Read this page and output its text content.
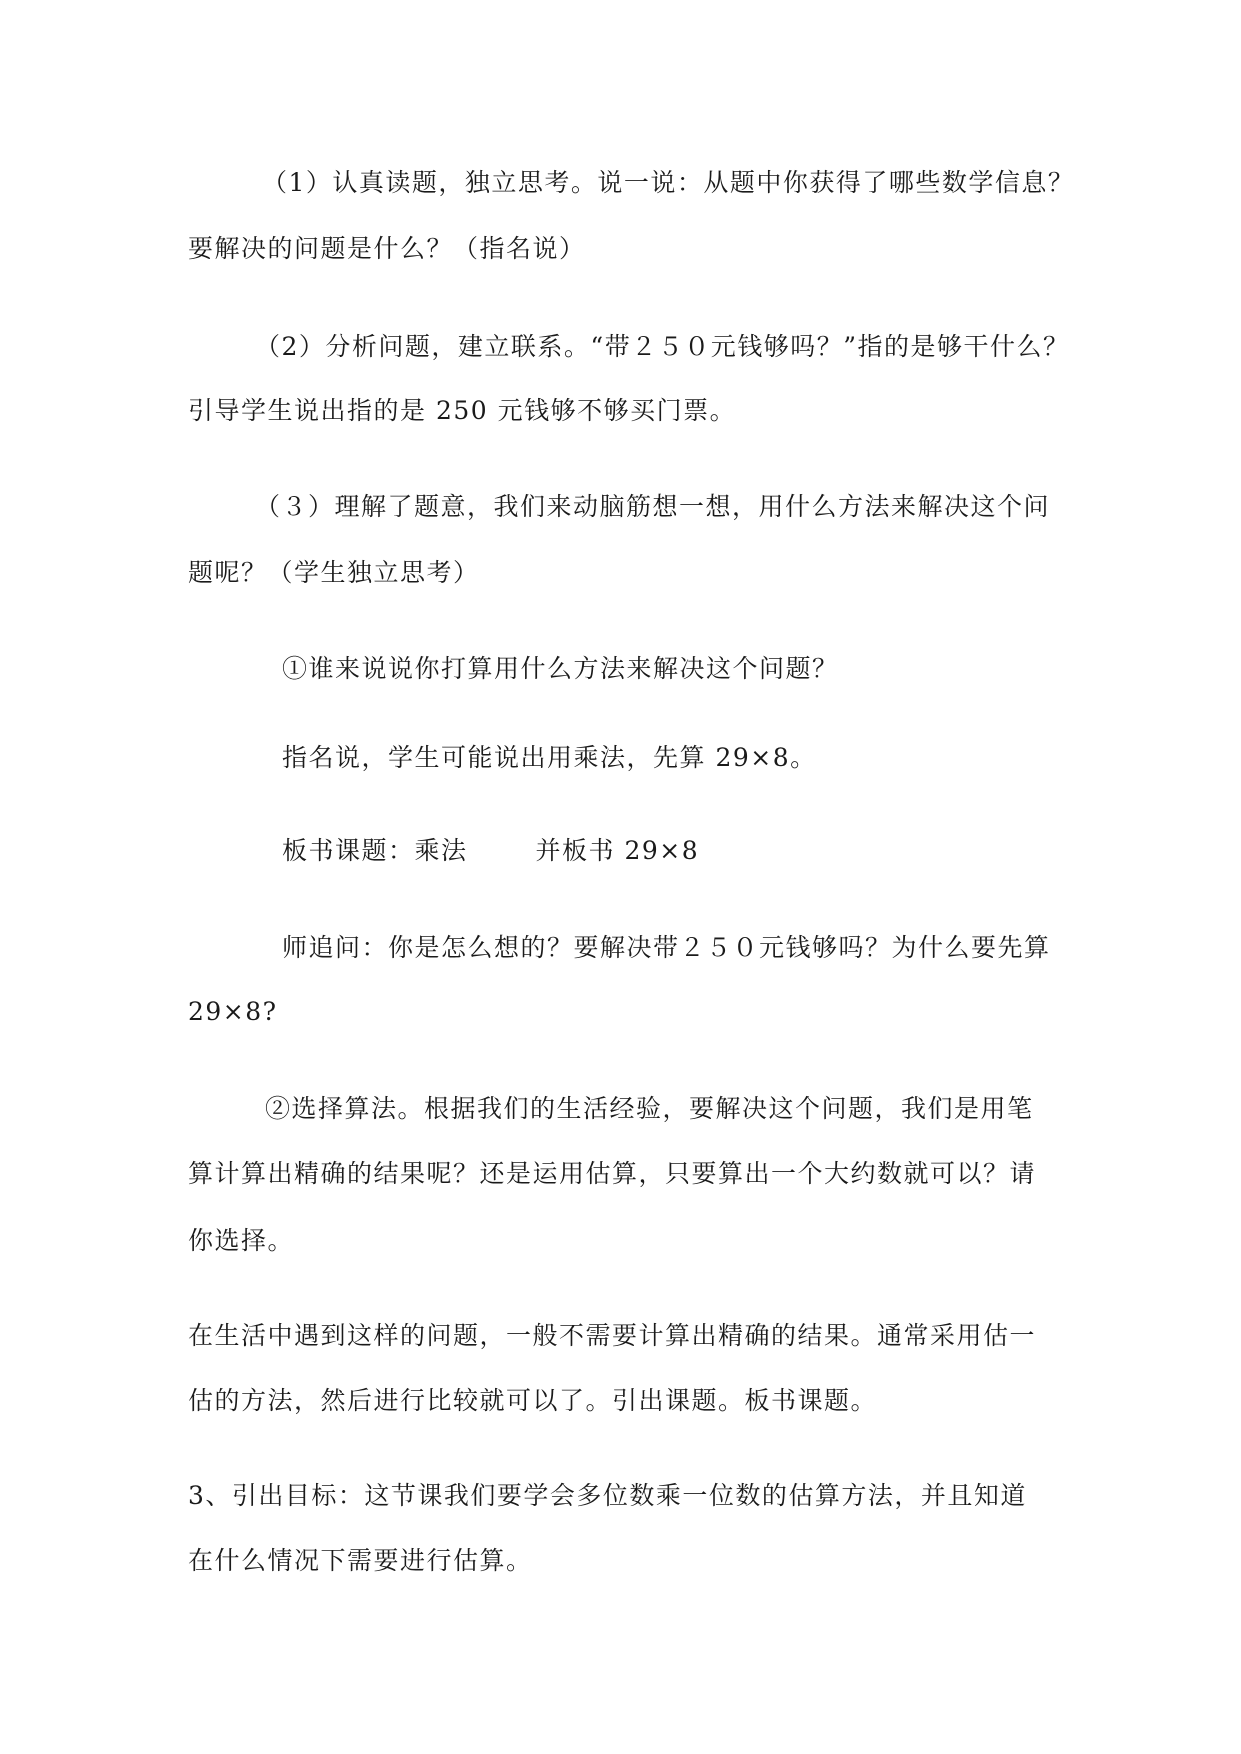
（1）认真读题，独立思考。说一说：从题中你获得了哪些数学信息？
要解决的问题是什么？（指名说）
（2）分析问题，建立联系。“带２５０元钱够吗？”指的是够干什么？
引导学生说出指的是 250 元钱够不够买门票。
（３）理解了题意，我们来动脑筋想一想，用什么方法来解决这个问
题呢？（学生独立思考）
①谁来说说你打算用什么方法来解决这个问题？
指名说，学生可能说出用乘法，先算 29×8。
板书课题：乘法	并板书 29×8
师追问：你是怎么想的？要解决带２５０元钱够吗？为什么要先算
29×8?
②选择算法。根据我们的生活经验，要解决这个问题，我们是用笔
算计算出精确的结果呢？还是运用估算，只要算出一个大约数就可以？请
你选择。
在生活中遇到这样的问题，一般不需要计算出精确的结果。通常采用估一
估的方法，然后进行比较就可以了。引出课题。板书课题。
3、引出目标：这节课我们要学会多位数乘一位数的估算方法，并且知道
在什么情况下需要进行估算。
